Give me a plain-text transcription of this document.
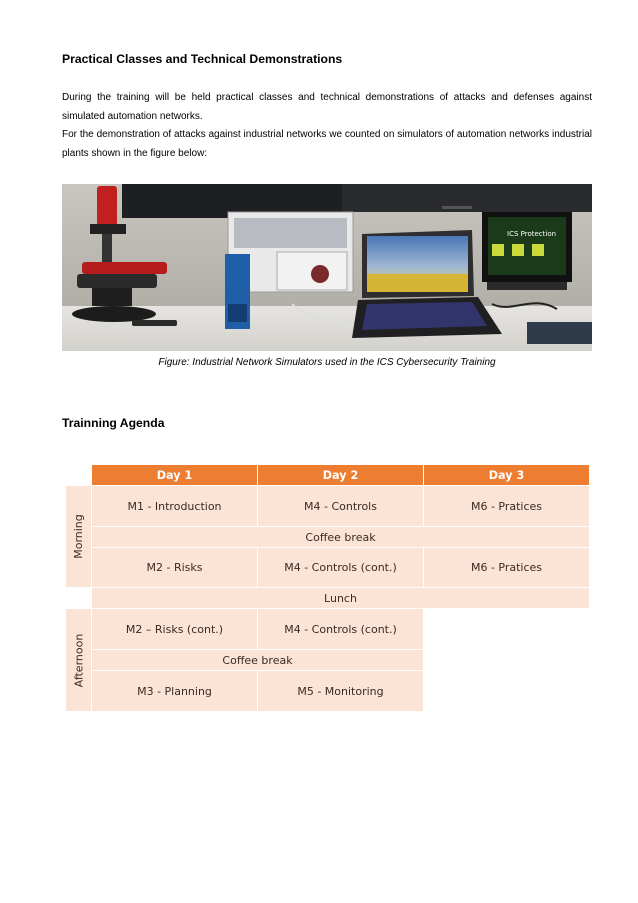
Practical Classes and Technical Demonstrations
During the training will be held practical classes and technical demonstrations of attacks and defenses against simulated automation networks.
For the demonstration of attacks against industrial networks we counted on simulators of automation networks industrial plants shown in the figure below:
ICS Protection
Figure: Industrial Network Simulators used in the ICS Cybersecurity Training
Trainning Agenda
Day 1	Day 2	Day 3
Morning
M1 - Introduction	M4 - Controls	M6 - Pratices
Coffee break
M2 - Risks	M4 - Controls (cont.)	M6 - Pratices
Lunch
Afternoon
M2 – Risks (cont.)	M4 - Controls (cont.)
Coffee break
M3 - Planning	M5 - Monitoring
